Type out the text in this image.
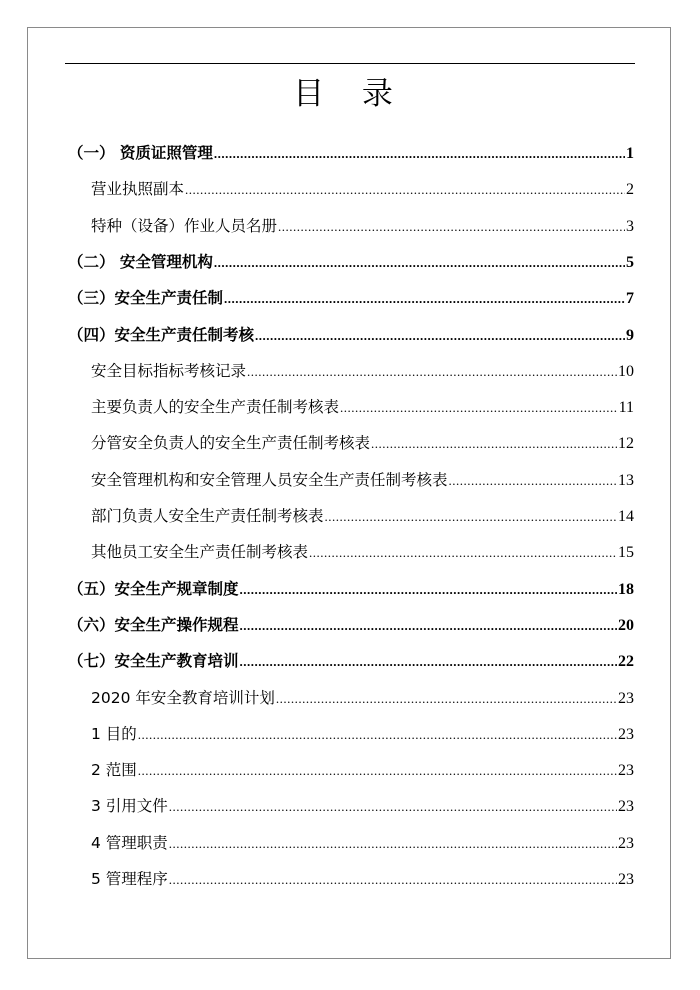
目 录
（一） 资质证照管理 .....	1
营业执照副本 .....	2
特种（设备）作业人员名册 .....	3
（二） 安全管理机构 .....	5
（三）安全生产责任制 .....	7
（四）安全生产责任制考核 .....	9
安全目标指标考核记录 .....	10
主要负责人的安全生产责任制考核表 .....	11
分管安全负责人的安全生产责任制考核表 .....	12
安全管理机构和安全管理人员安全生产责任制考核表 .....	13
部门负责人安全生产责任制考核表 .....	14
其他员工安全生产责任制考核表 .....	15
（五）安全生产规章制度 .....	18
（六）安全生产操作规程 .....	20
（七）安全生产教育培训 .....	22
2020 年安全教育培训计划 .....	23
1 目的 .....	23
2 范围 .....	23
3 引用文件 .....	23
4 管理职责 .....	23
5 管理程序 .....	23
